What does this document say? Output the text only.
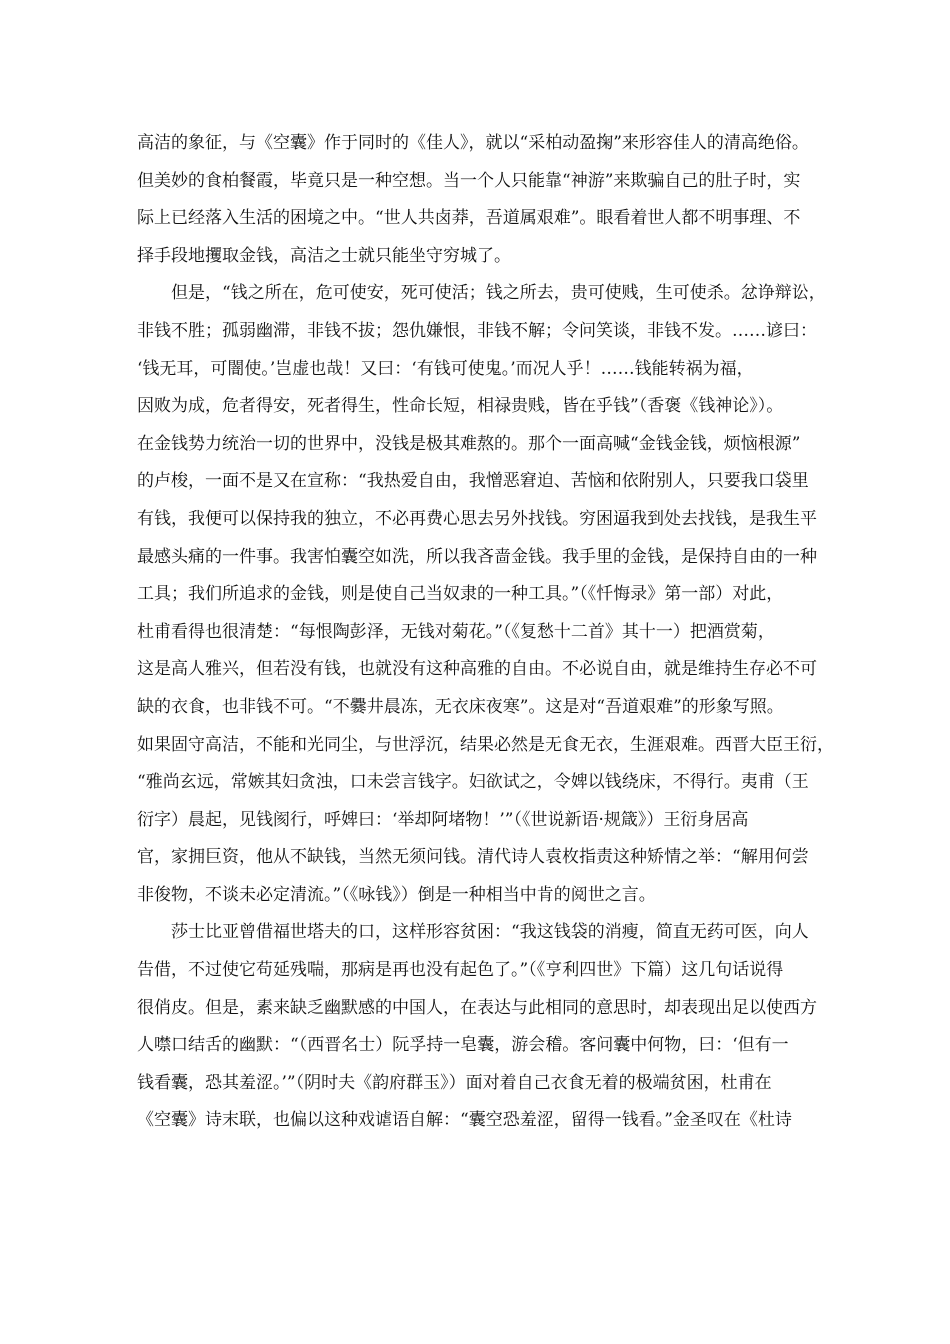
高洁的象征，与《空囊》作于同时的《佳人》，就以“采柏动盈掬”来形容佳人的清高绝俗。
但美妙的食柏餐霞，毕竟只是一种空想。当一个人只能靠“神游”来欺骗自己的肚子时，实
际上已经落入生活的困境之中。“世人共卤莽，吾道属艰难”。眼看着世人都不明事理、不
择手段地攫取金钱，高洁之士就只能坐守穷城了。
但是，“钱之所在，危可使安，死可使活；钱之所去，贵可使贱，生可使杀。忿诤辩讼，
非钱不胜；孤弱幽滞，非钱不拔；怨仇嫌恨，非钱不解；令问笑谈，非钱不发。……谚曰：
‘钱无耳，可闇使。’岂虚也哉！又曰：‘有钱可使鬼。’而况人乎！……钱能转祸为福，
因败为成，危者得安，死者得生，性命长短，相禄贵贱，皆在乎钱”（香褒《钱神论》）。
在金钱势力统治一切的世界中，没钱是极其难熬的。那个一面高喊“金钱金钱，烦恼根源”
的卢梭，一面不是又在宣称：“我热爱自由，我憎恶窘迫、苦恼和依附别人，只要我口袋里
有钱，我便可以保持我的独立，不必再费心思去另外找钱。穷困逼我到处去找钱，是我生平
最感头痛的一件事。我害怕囊空如洗，所以我吝啬金钱。我手里的金钱，是保持自由的一种
工具；我们所追求的金钱，则是使自己当奴隶的一种工具。”（《忏悔录》第一部）对此，
杜甫看得也很清楚：“每恨陶彭泽，无钱对菊花。”（《复愁十二首》其十一）把酒赏菊，
这是高人雅兴，但若没有钱，也就没有这种高雅的自由。不必说自由，就是维持生存必不可
缺的衣食，也非钱不可。“不爨井晨冻，无衣床夜寒”。这是对“吾道艰难”的形象写照。
如果固守高洁，不能和光同尘，与世浮沉，结果必然是无食无衣，生涯艰难。西晋大臣王衍，
“雅尚玄远，常嫉其妇贪浊，口未尝言钱字。妇欲试之，令婢以钱绕床，不得行。夷甫（王
衍字）晨起，见钱阂行，呼婢曰：‘举却阿堵物！’”（《世说新语·规箴》）王衍身居高
官，家拥巨资，他从不缺钱，当然无须问钱。清代诗人袁枚指责这种矫情之举：“解用何尝
非俊物，不谈未必定清流。”（《咏钱》）倒是一种相当中肯的阅世之言。
莎士比亚曾借福世塔夫的口，这样形容贫困：“我这钱袋的消瘦，简直无药可医，向人
告借，不过使它苟延残喘，那病是再也没有起色了。”（《亨利四世》下篇）这几句话说得
很俏皮。但是，素来缺乏幽默感的中国人，在表达与此相同的意思时，却表现出足以使西方
人噤口结舌的幽默：“（西晋名士）阮孚持一皂囊，游会稽。客问囊中何物，曰：‘但有一
钱看囊，恐其羞涩。’”（阴时夫《韵府群玉》）面对着自己衣食无着的极端贫困，杜甫在
《空囊》诗末联，也偏以这种戏谑语自解：“囊空恐羞涩，留得一钱看。”金圣叹在《杜诗
